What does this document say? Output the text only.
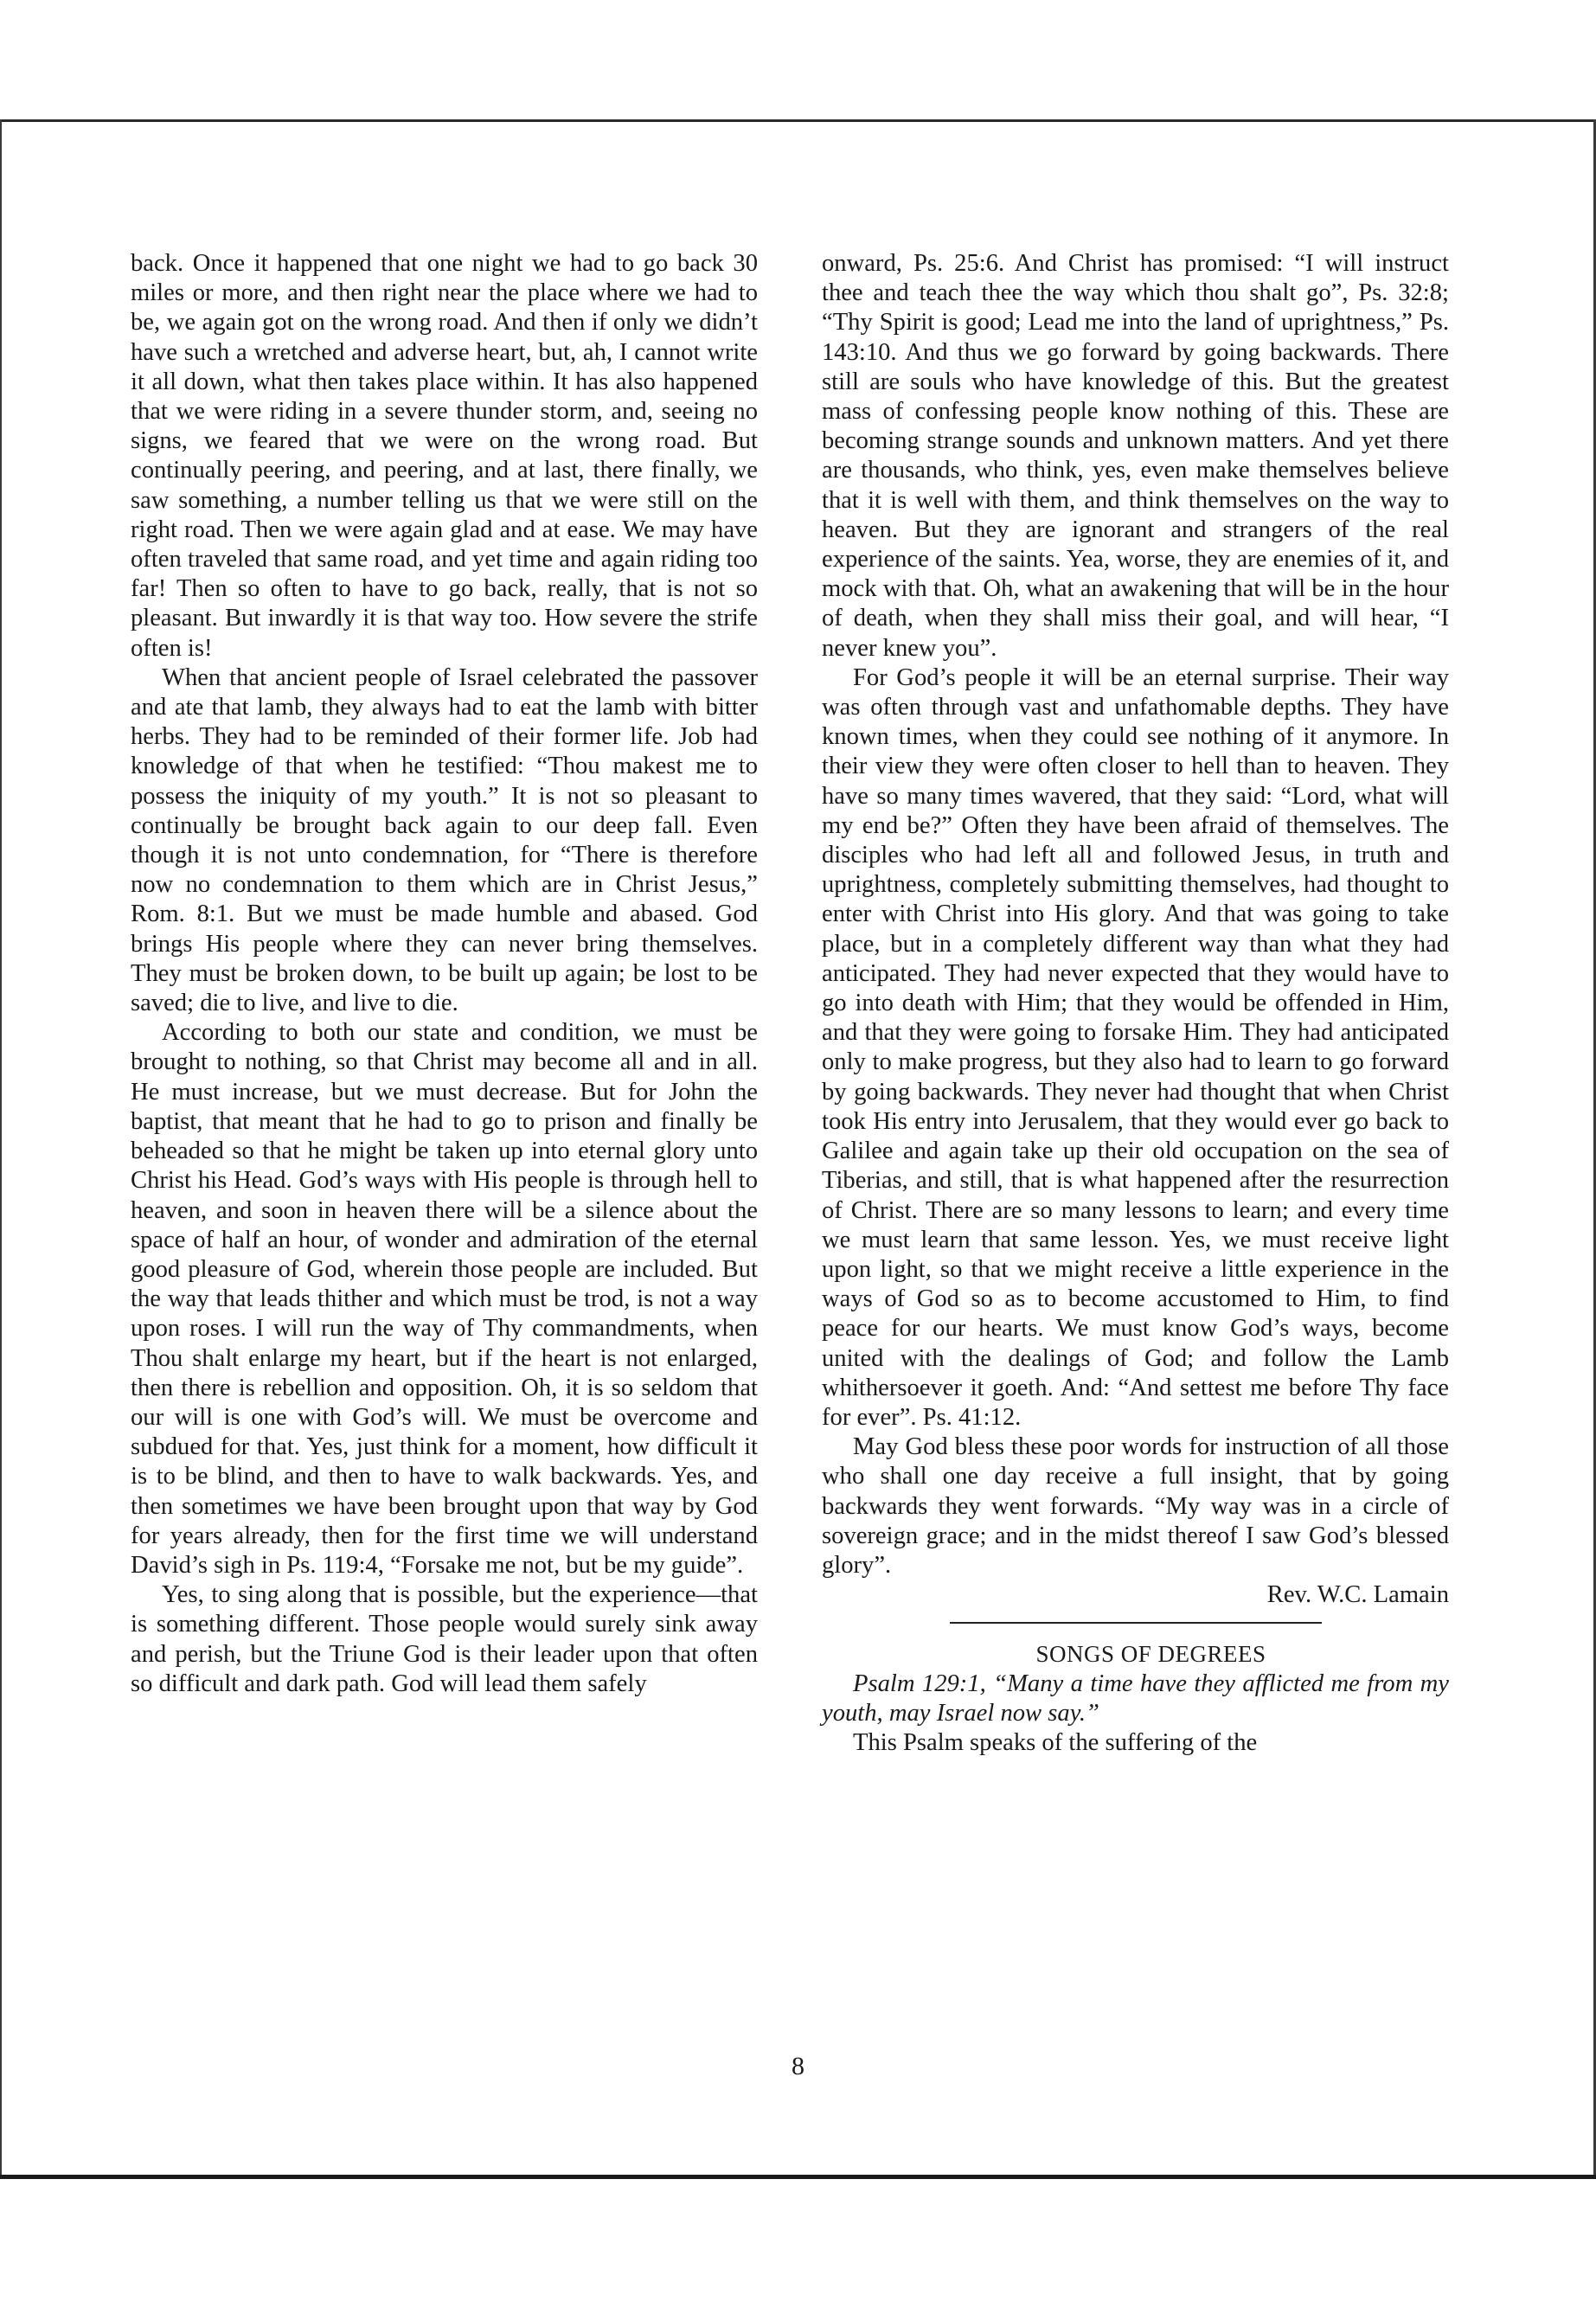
back. Once it happened that one night we had to go back 30 miles or more, and then right near the place where we had to be, we again got on the wrong road. And then if only we didn’t have such a wretched and adverse heart, but, ah, I cannot write it all down, what then takes place within. It has also happened that we were riding in a severe thunder storm, and, seeing no signs, we feared that we were on the wrong road. But continually peering, and peering, and at last, there finally, we saw something, a number telling us that we were still on the right road. Then we were again glad and at ease. We may have often traveled that same road, and yet time and again riding too far! Then so often to have to go back, really, that is not so pleasant. But inwardly it is that way too. How severe the strife often is!

When that ancient people of Israel celebrated the passover and ate that lamb, they always had to eat the lamb with bitter herbs. They had to be reminded of their former life. Job had knowledge of that when he testified: “Thou makest me to possess the iniquity of my youth.” It is not so pleasant to continually be brought back again to our deep fall. Even though it is not unto condemnation, for “There is therefore now no condemnation to them which are in Christ Jesus,” Rom. 8:1. But we must be made humble and abased. God brings His people where they can never bring themselves. They must be broken down, to be built up again; be lost to be saved; die to live, and live to die.

According to both our state and condition, we must be brought to nothing, so that Christ may become all and in all. He must increase, but we must decrease. But for John the baptist, that meant that he had to go to prison and finally be beheaded so that he might be taken up into eternal glory unto Christ his Head. God’s ways with His people is through hell to heaven, and soon in heaven there will be a silence about the space of half an hour, of wonder and admiration of the eternal good pleasure of God, wherein those people are included. But the way that leads thither and which must be trod, is not a way upon roses. I will run the way of Thy commandments, when Thou shalt enlarge my heart, but if the heart is not enlarged, then there is rebellion and opposition. Oh, it is so seldom that our will is one with God’s will. We must be overcome and subdued for that. Yes, just think for a moment, how difficult it is to be blind, and then to have to walk backwards. Yes, and then sometimes we have been brought upon that way by God for years already, then for the first time we will understand David’s sigh in Ps. 119:4, “Forsake me not, but be my guide”.

Yes, to sing along that is possible, but the experience—that is something different. Those people would surely sink away and perish, but the Triune God is their leader upon that often so difficult and dark path. God will lead them safely

onward, Ps. 25:6. And Christ has promised: “I will instruct thee and teach thee the way which thou shalt go”, Ps. 32:8; “Thy Spirit is good; Lead me into the land of uprightness,” Ps. 143:10. And thus we go forward by going backwards. There still are souls who have knowledge of this. But the greatest mass of confessing people know nothing of this. These are becoming strange sounds and unknown matters. And yet there are thousands, who think, yes, even make themselves believe that it is well with them, and think themselves on the way to heaven. But they are ignorant and strangers of the real experience of the saints. Yea, worse, they are enemies of it, and mock with that. Oh, what an awakening that will be in the hour of death, when they shall miss their goal, and will hear, “I never knew you”.

For God’s people it will be an eternal surprise. Their way was often through vast and unfathomable depths. They have known times, when they could see nothing of it anymore. In their view they were often closer to hell than to heaven. They have so many times wavered, that they said: “Lord, what will my end be?” Often they have been afraid of themselves. The disciples who had left all and followed Jesus, in truth and uprightness, completely submitting themselves, had thought to enter with Christ into His glory. And that was going to take place, but in a completely different way than what they had anticipated. They had never expected that they would have to go into death with Him; that they would be offended in Him, and that they were going to forsake Him. They had anticipated only to make progress, but they also had to learn to go forward by going backwards. They never had thought that when Christ took His entry into Jerusalem, that they would ever go back to Galilee and again take up their old occupation on the sea of Tiberias, and still, that is what happened after the resurrection of Christ. There are so many lessons to learn; and every time we must learn that same lesson. Yes, we must receive light upon light, so that we might receive a little experience in the ways of God so as to become accustomed to Him, to find peace for our hearts. We must know God’s ways, become united with the dealings of God; and follow the Lamb whithersoever it goeth. And: “And settest me before Thy face for ever”. Ps. 41:12.

May God bless these poor words for instruction of all those who shall one day receive a full insight, that by going backwards they went forwards. “My way was in a circle of sovereign grace; and in the midst thereof I saw God’s blessed glory”.

Rev. W.C. Lamain

SONGS OF DEGREES

Psalm 129:1, “Many a time have they afflicted me from my youth, may Israel now say.”

This Psalm speaks of the suffering of the

8
